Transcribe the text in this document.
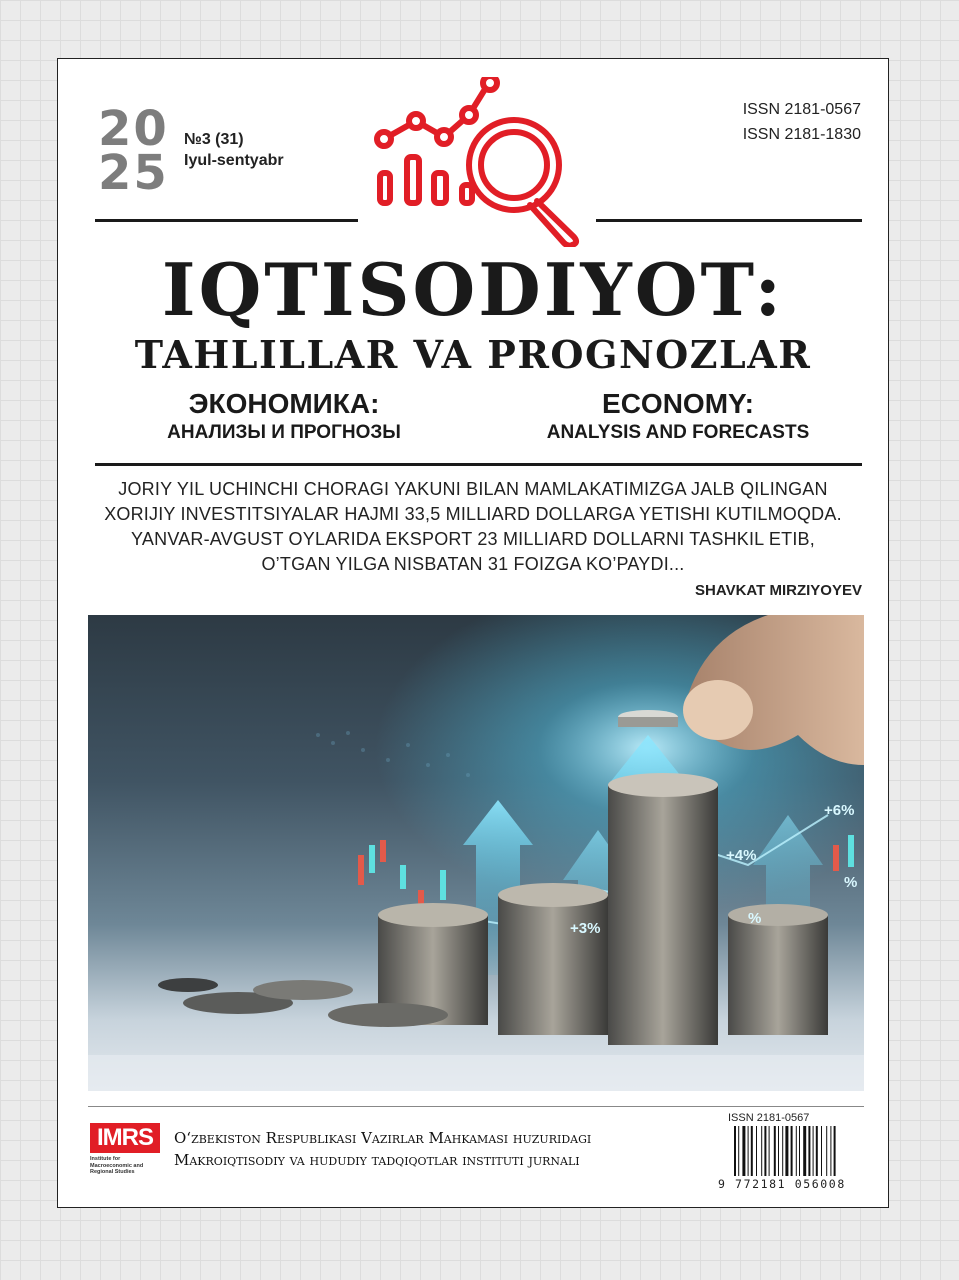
20
25
№3 (31)
Iyul-sentyabr
ISSN 2181-0567
ISSN 2181-1830
IQTISODIYOT:
TAHLILLAR VA PROGNOZLAR
ЭКОНОМИКА:
АНАЛИЗЫ И ПРОГНОЗЫ
ECONOMY:
ANALYSIS AND FORECASTS
JORIY YIL UCHINCHI CHORAGI YAKUNI BILAN MAMLAKATIMIZGA JALB QILINGAN
XORIJIY INVESTITSIYALAR HAJMI 33,5 MILLIARD DOLLARGA YETISHI KUTILMOQDA.
YANVAR-AVGUST OYLARIDA EKSPORT 23 MILLIARD DOLLARNI TASHKIL ETIB,
O’TGAN YILGA NISBATAN 31 FOIZGA KO’PAYDI...
SHAVKAT MIRZIYOYEV
+6%
+4%
+3%
%
%
IMRS
Institute for Macroeconomic and Regional Studies
O‘zbekiston Respublikasi Vazirlar Mahkamasi huzuridagi
Makroiqtisodiy va hududiy tadqiqotlar instituti jurnali
ISSN 2181-0567
9 772181 056008
